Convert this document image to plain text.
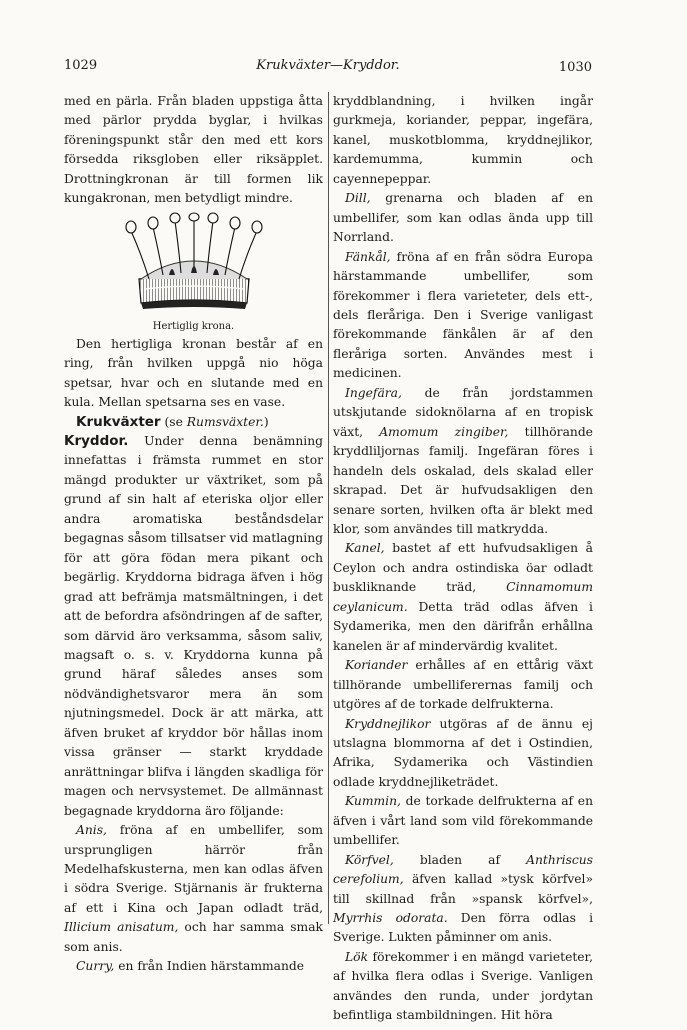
1029	Krukväxter—Kryddor.	1030

med en pärla. Från bladen uppstiga åtta med pärlor prydda byglar, i hvilkas föreningspunkt står den med ett kors försedda riksgloben eller riksäpplet. Drottningkronan är till formen lik kungakronan, men betydligt mindre.

Hertiglig krona.

Den hertigliga kronan består af en ring, från hvilken uppgå nio höga spetsar, hvar och en slutande med en kula. Mellan spetsarna ses en vase.

Krukväxter (se Rumsväxter.)

Kryddor. Under denna benämning innefattas i främsta rummet en stor mängd produkter ur växtriket, som på grund af sin halt af eteriska oljor eller andra aromatiska beståndsdelar begagnas såsom tillsatser vid matlagning för att göra födan mera pikant och begärlig. Kryddorna bidraga äfven i hög grad att befrämja matsmältningen, i det att de befordra afsöndringen af de safter, som därvid äro verksamma, såsom saliv, magsaft o. s. v. Kryddorna kunna på grund häraf således anses som nödvändighetsvaror mera än som njutningsmedel. Dock är att märka, att äfven bruket af kryddor bör hållas inom vissa gränser — starkt kryddade anrättningar blifva i längden skadliga för magen och nervsystemet. De allmännast begagnade kryddorna äro följande:

Anis, fröna af en umbellifer, som ursprungligen härrör från Medelhafskusterna, men kan odlas äfven i södra Sverige. Stjärnanis är frukterna af ett i Kina och Japan odladt träd, Illicium anisatum, och har samma smak som anis.

Curry, en från Indien härstammande

kryddblandning, i hvilken ingår gurkmeja, koriander, peppar, ingefära, kanel, muskotblomma, kryddnejlikor, kardemumma, kummin och cayennepeppar.

Dill, grenarna och bladen af en umbellifer, som kan odlas ända upp till Norrland.

Fänkål, fröna af en från södra Europa härstammande umbellifer, som förekommer i flera varieteter, dels ett-, dels fleråriga. Den i Sverige vanligast förekommande fänkålen är af den fleråriga sorten. Användes mest i medicinen.

Ingefära, de från jordstammen utskjutande sidoknölarna af en tropisk växt, Amomum zingiber, tillhörande kryddliljornas familj. Ingefäran föres i handeln dels oskalad, dels skalad eller skrapad. Det är hufvudsakligen den senare sorten, hvilken ofta är blekt med klor, som användes till matkrydda.

Kanel, bastet af ett hufvudsakligen å Ceylon och andra ostindiska öar odladt buskliknande träd, Cinnamomum ceylanicum. Detta träd odlas äfven i Sydamerika, men den därifrån erhållna kanelen är af mindervärdig kvalitet.

Koriander erhålles af en ettårig växt tillhörande umbelliferernas familj och utgöres af de torkade delfrukterna.

Kryddnejlikor utgöras af de ännu ej utslagna blommorna af det i Ostindien, Afrika, Sydamerika och Västindien odlade kryddnejliketrädet.

Kummin, de torkade delfrukterna af en äfven i vårt land som vild förekommande umbellifer.

Körfvel, bladen af Anthriscus cerefolium, äfven kallad »tysk körfvel» till skillnad från »spansk körfvel», Myrrhis odorata. Den förra odlas i Sverige. Lukten påminner om anis.

Lök förekommer i en mängd varieteter, af hvilka flera odlas i Sverige. Vanligen användes den runda, under jordytan befintliga stambildningen. Hit höra
